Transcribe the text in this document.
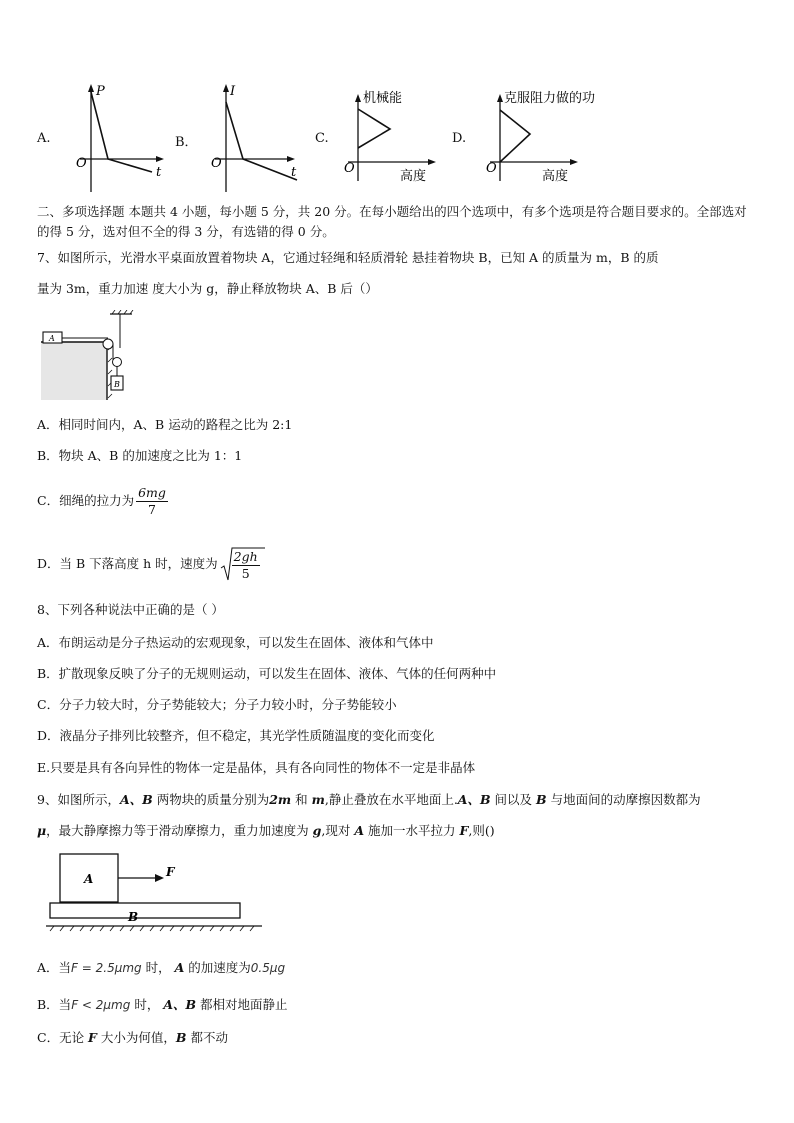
A.
P
O
t
B．
I
O
t
C.
机械能
O
高度
D.
克服阻力做的功
O
高度
二、多项选择题 本题共 4 小题，每小题 5 分，共 20 分。在每小题给出的四个选项中，有多个选项是符合题目要求的。全部选对的得 5 分，选对但不全的得 3 分，有选错的得 0 分。
7、如图所示，光滑水平桌面放置着物块 A，它通过轻绳和轻质滑轮 悬挂着物块 B，已知 A 的质量为 m，B 的质
量为 3m，重力加速 度大小为 g，静止释放物块 A、B 后（）
A
B
A．相同时间内，A、B 运动的路程之比为 2:1
B．物块 A、B 的加速度之比为 1：1
C．细绳的拉力为 $\frac{6mg}{7}$
D．当 B 下落高度 h 时，速度为 $\frac{2gh}{5}$
8、下列各种说法中正确的是（ ）
A．布朗运动是分子热运动的宏观现象，可以发生在固体、液体和气体中
B．扩散现象反映了分子的无规则运动，可以发生在固体、液体、气体的任何两种中
C．分子力较大时，分子势能较大；分子力较小时，分子势能较小
D．液晶分子排列比较整齐，但不稳定，其光学性质随温度的变化而变化
E.只要是具有各向异性的物体一定是晶体，具有各向同性的物体不一定是非晶体
9、如图所示，A、B 两物块的质量分别为2m 和 m,静止叠放在水平地面上.A、B 间以及 B 与地面间的动摩擦因数都为
μ，最大静摩擦力等于滑动摩擦力，重力加速度为 g,现对 A 施加一水平拉力 F,则()
A	F
B
A．当F = 2.5μmg 时， A 的加速度为0.5μg
B．当F < 2μmg 时， A、B 都相对地面静止
C．无论 F 大小为何值，B 都不动
